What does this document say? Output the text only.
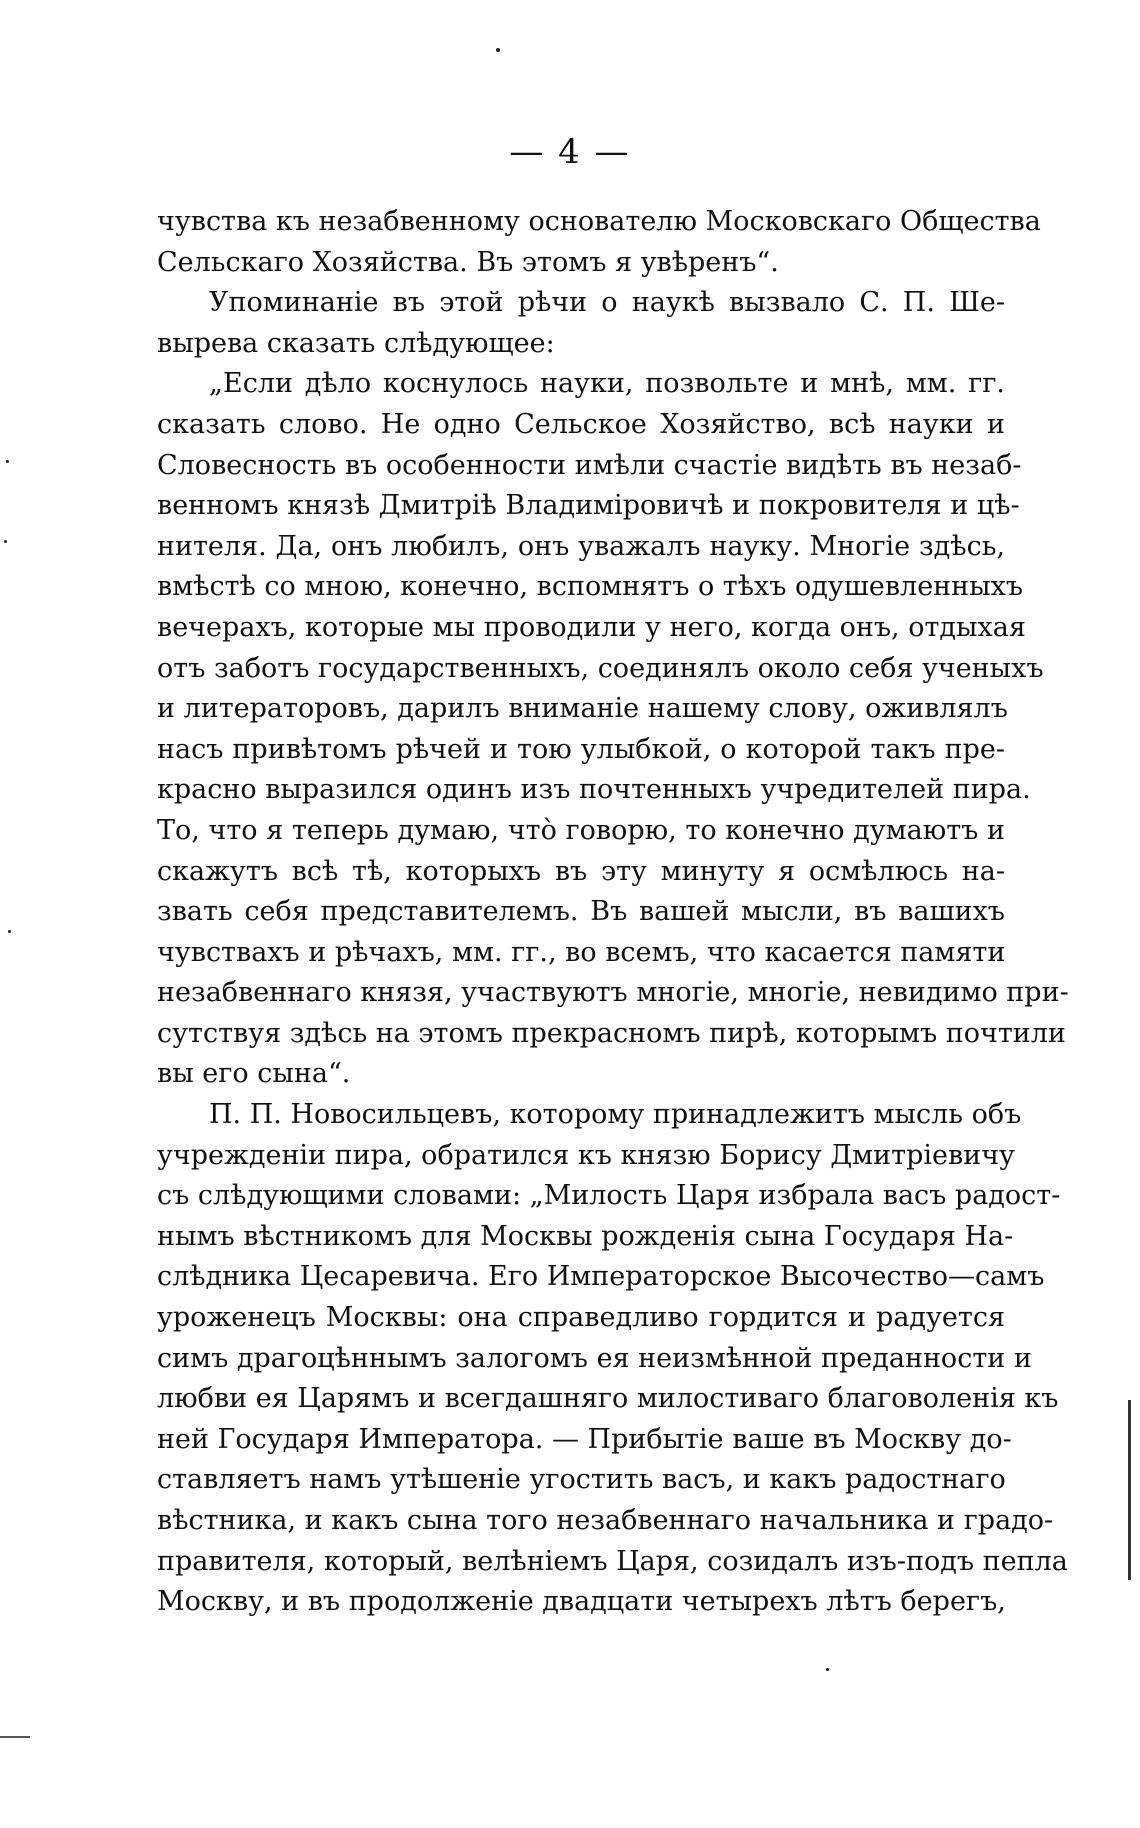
— 4 —
чувства къ незабвенному основателю Московскаго Общества
Сельскаго Хозяйства. Въ этомъ я увѣренъ“.
Упоминаніе въ этой рѣчи о наукѣ вызвало С. П. Ше-
вырева сказать слѣдующее:
„Если дѣло коснулось науки, позвольте и мнѣ, мм. гг.
сказать слово. Не одно Сельское Хозяйство, всѣ науки и
Словесность въ особенности имѣли счастіе видѣть въ незаб-
венномъ князѣ Дмитріѣ Владиміровичѣ и покровителя и цѣ-
нителя. Да, онъ любилъ, онъ уважалъ науку. Многіе здѣсь,
вмѣстѣ со мною, конечно, вспомнятъ о тѣхъ одушевленныхъ
вечерахъ, которые мы проводили у него, когда онъ, отдыхая
отъ заботъ государственныхъ, соединялъ около себя ученыхъ
и литераторовъ, дарилъ вниманіе нашему слову, оживлялъ
насъ привѣтомъ рѣчей и тою улыбкой, о которой такъ пре-
красно выразился одинъ изъ почтенныхъ учредителей пира.
То, что я теперь думаю, что̀ говорю, то конечно думаютъ и
скажутъ всѣ тѣ, которыхъ въ эту минуту я осмѣлюсь на-
звать себя представителемъ. Въ вашей мысли, въ вашихъ
чувствахъ и рѣчахъ, мм. гг., во всемъ, что касается памяти
незабвеннаго князя, участвуютъ многіе, многіе, невидимо при-
сутствуя здѣсь на этомъ прекрасномъ пирѣ, которымъ почтили
вы его сына“.
П. П. Новосильцевъ, которому принадлежитъ мысль объ
учрежденіи пира, обратился къ князю Борису Дмитріевичу
съ слѣдующими словами: „Милость Царя избрала васъ радост-
нымъ вѣстникомъ для Москвы рожденія сына Государя На-
слѣдника Цесаревича. Его Императорское Высочество—самъ
уроженецъ Москвы: она справедливо гордится и радуется
симъ драгоцѣннымъ залогомъ ея неизмѣнной преданности и
любви ея Царямъ и всегдашняго милостиваго благоволенія къ
ней Государя Императора. — Прибытіе ваше въ Москву до-
ставляетъ намъ утѣшеніе угостить васъ, и какъ радостнаго
вѣстника, и какъ сына того незабвеннаго начальника и градо-
правителя, который, велѣніемъ Царя, созидалъ изъ-подъ пепла
Москву, и въ продолженіе двадцати четырехъ лѣтъ берегъ,
